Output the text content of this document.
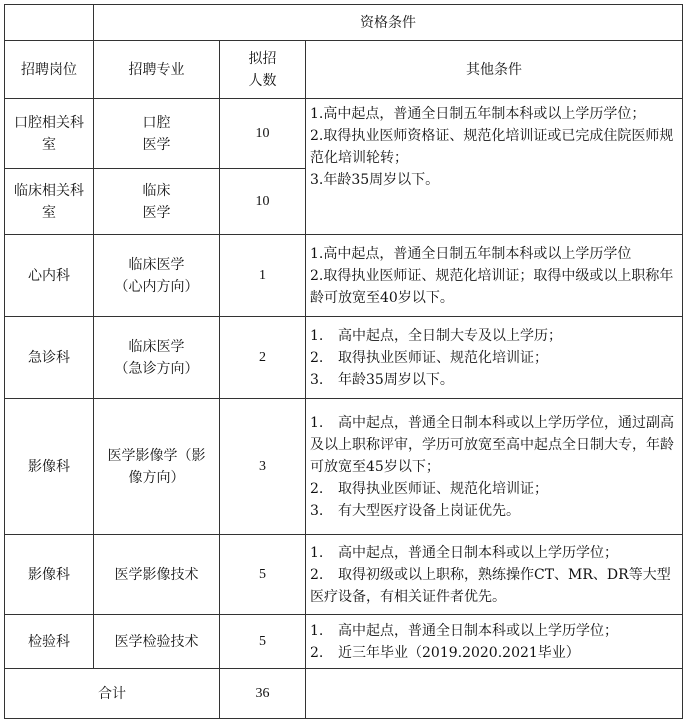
	资格条件		
招聘岗位	招聘专业	拟招
人数	其他条件

口腔相关科
室	口腔
医学	10	1.高中起点，普通全日制五年制本科或以上学历学位；
2.取得执业医师资格证、规范化培训证或已完成住院医师规范化培训轮转；
3.年龄35周岁以下。

临床相关科
室	临床
医学	10	
心内科	临床医学
（心内方向）	1	1.高中起点，普通全日制五年制本科或以上学历学位
2.取得执业医师证、规范化培训证；取得中级或以上职称年龄可放宽至40岁以下。

急诊科	临床医学
（急诊方向）	2	1. 高中起点，全日制大专及以上学历；
2. 取得执业医师证、规范化培训证；
3. 年龄35周岁以下。

影像科	医学影像学（影
像方向）	3	1. 高中起点，普通全日制本科或以上学历学位，通过副高及以上职称评审，学历可放宽至高中起点全日制大专，年龄可放宽至45岁以下；
2. 取得执业医师证、规范化培训证；
3. 有大型医疗设备上岗证优先。

影像科	医学影像技术	5	1. 高中起点，普通全日制本科或以上学历学位；
2. 取得初级或以上职称，熟练操作CT、MR、DR等大型医疗设备，有相关证件者优先。

检验科	医学检验技术	5	1. 高中起点，普通全日制本科或以上学历学位；
2. 近三年毕业（2019.2020.2021毕业）

合计		36	
